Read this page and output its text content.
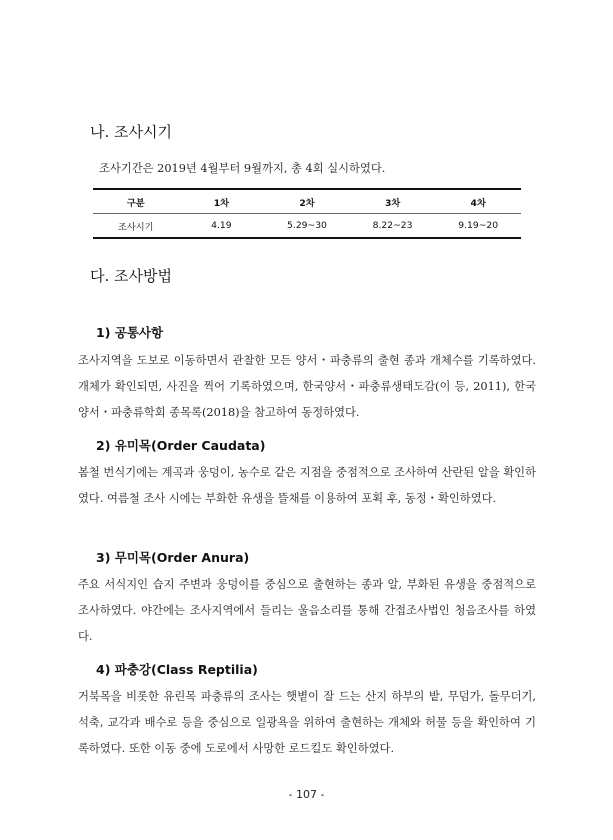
나. 조사시기

조사기간은 2019년 4월부터 9월까지, 총 4회 실시하였다.

구분	1차	2차	3차	4차
조사시기	4.19	5.29~30	8.22~23	9.19~20
다. 조사방법
1) 공통사항

조사지역을 도보로 이동하면서 관찰한 모든 양서・파충류의 출현 종과 개체수를 기록하였다. 개체가 확인되면, 사진을 찍어 기록하였으며, 한국양서・파충류생태도감(이 등, 2011), 한국양서・파충류학회 종목록(2018)을 참고하여 동정하였다.

2) 유미목(Order Caudata)

봄철 번식기에는 계곡과 웅덩이, 농수로 같은 지점을 중점적으로 조사하여 산란된 알을 확인하였다. 여름철 조사 시에는 부화한 유생을 뜰채를 이용하여 포획 후, 동정・확인하였다.

3) 무미목(Order Anura)

주요 서식지인 습지 주변과 웅덩이를 중심으로 출현하는 종과 알, 부화된 유생을 중점적으로 조사하였다. 야간에는 조사지역에서 들리는 울음소리를 통해 간접조사법인 청음조사를 하였다.

4) 파충강(Class Reptilia)

거북목을 비롯한 유린목 파충류의 조사는 햇볕이 잘 드는 산지 하부의 밭, 무덤가, 돌무더기, 석축, 교각과 배수로 등을 중심으로 일광욕을 위하여 출현하는 개체와 허물 등을 확인하여 기록하였다. 또한 이동 중에 도로에서 사망한 로드킬도 확인하였다.

- 107 -
